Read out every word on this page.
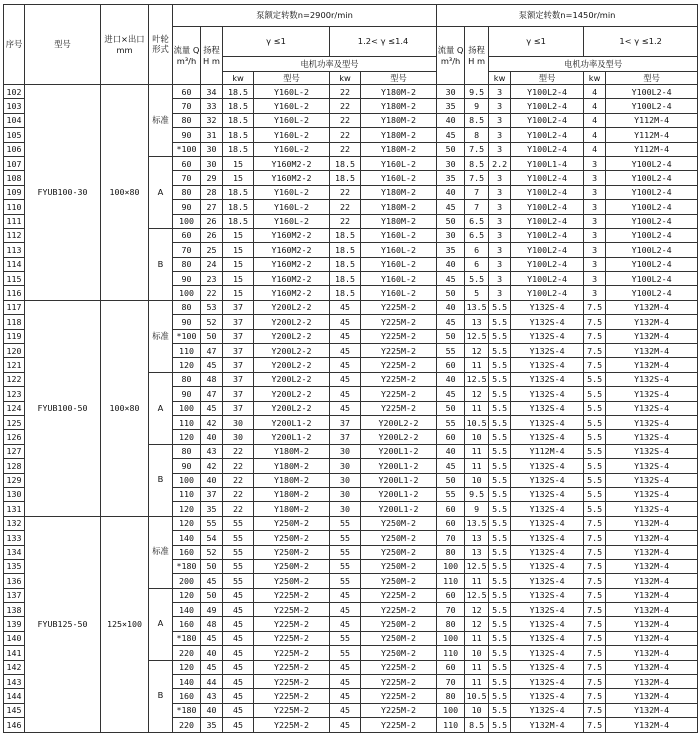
序号	型号	进口×出口 mm	叶轮形式	泵额定转数n=2900r/min						泵额定转数n=1450r/min					
				流量 Q m³/h	扬程 H m	γ ≤1		1.2< γ ≤1.4		流量 Q m³/h	扬程 H m	γ ≤1		1< γ ≤1.2	
						电机功率及型号						电机功率及型号			
						kw	型号	kw	型号			kw	型号	kw	型号
102	FYUB100-30	100×80	标准	60	34	18.5	Y160L-2	22	Y180M-2	30	9.5	3	Y100L2-4	4	Y100L2-4
103				70	33	18.5	Y160L-2	22	Y180M-2	35	9	3	Y100L2-4	4	Y100L2-4
104				80	32	18.5	Y160L-2	22	Y180M-2	40	8.5	3	Y100L2-4	4	Y112M-4
105				90	31	18.5	Y160L-2	22	Y180M-2	45	8	3	Y100L2-4	4	Y112M-4
106				*100	30	18.5	Y160L-2	22	Y180M-2	50	7.5	3	Y100L2-4	4	Y112M-4
107			A	60	30	15	Y160M2-2	18.5	Y160L-2	30	8.5	2.2	Y100L1-4	3	Y100L2-4
108				70	29	15	Y160M2-2	18.5	Y160L-2	35	7.5	3	Y100L2-4	3	Y100L2-4
109				80	28	18.5	Y160L-2	22	Y180M-2	40	7	3	Y100L2-4	3	Y100L2-4
110				90	27	18.5	Y160L-2	22	Y180M-2	45	7	3	Y100L2-4	3	Y100L2-4
111				100	26	18.5	Y160L-2	22	Y180M-2	50	6.5	3	Y100L2-4	3	Y100L2-4
112			B	60	26	15	Y160M2-2	18.5	Y160L-2	30	6.5	3	Y100L2-4	3	Y100L2-4
113				70	25	15	Y160M2-2	18.5	Y160L-2	35	6	3	Y100L2-4	3	Y100L2-4
114				80	24	15	Y160M2-2	18.5	Y160L-2	40	6	3	Y100L2-4	3	Y100L2-4
115				90	23	15	Y160M2-2	18.5	Y160L-2	45	5.5	3	Y100L2-4	3	Y100L2-4
116				100	22	15	Y160M2-2	18.5	Y160L-2	50	5	3	Y100L2-4	3	Y100L2-4
117	FYUB100-50	100×80	标准	80	53	37	Y200L2-2	45	Y225M-2	40	13.5	5.5	Y132S-4	7.5	Y132M-4
118				90	52	37	Y200L2-2	45	Y225M-2	45	13	5.5	Y132S-4	7.5	Y132M-4
119				*100	50	37	Y200L2-2	45	Y225M-2	50	12.5	5.5	Y132S-4	7.5	Y132M-4
120				110	47	37	Y200L2-2	45	Y225M-2	55	12	5.5	Y132S-4	7.5	Y132M-4
121				120	45	37	Y200L2-2	45	Y225M-2	60	11	5.5	Y132S-4	7.5	Y132M-4
122			A	80	48	37	Y200L2-2	45	Y225M-2	40	12.5	5.5	Y132S-4	5.5	Y132S-4
123				90	47	37	Y200L2-2	45	Y225M-2	45	12	5.5	Y132S-4	5.5	Y132S-4
124				100	45	37	Y200L2-2	45	Y225M-2	50	11	5.5	Y132S-4	5.5	Y132S-4
125				110	42	30	Y200L1-2	37	Y200L2-2	55	10.5	5.5	Y132S-4	5.5	Y132S-4
126				120	40	30	Y200L1-2	37	Y200L2-2	60	10	5.5	Y132S-4	5.5	Y132S-4
127			B	80	43	22	Y180M-2	30	Y200L1-2	40	11	5.5	Y112M-4	5.5	Y132S-4
128				90	42	22	Y180M-2	30	Y200L1-2	45	11	5.5	Y132S-4	5.5	Y132S-4
129				100	40	22	Y180M-2	30	Y200L1-2	50	10	5.5	Y132S-4	5.5	Y132S-4
130				110	37	22	Y180M-2	30	Y200L1-2	55	9.5	5.5	Y132S-4	5.5	Y132S-4
131				120	35	22	Y180M-2	30	Y200L1-2	60	9	5.5	Y132S-4	5.5	Y132S-4
132	FYUB125-50	125×100	标准	120	55	55	Y250M-2	55	Y250M-2	60	13.5	5.5	Y132S-4	7.5	Y132M-4
133				140	54	55	Y250M-2	55	Y250M-2	70	13	5.5	Y132S-4	7.5	Y132M-4
134				160	52	55	Y250M-2	55	Y250M-2	80	13	5.5	Y132S-4	7.5	Y132M-4
135				*180	50	55	Y250M-2	55	Y250M-2	100	12.5	5.5	Y132S-4	7.5	Y132M-4
136				200	45	55	Y250M-2	55	Y250M-2	110	11	5.5	Y132S-4	7.5	Y132M-4
137			A	120	50	45	Y225M-2	45	Y225M-2	60	12.5	5.5	Y132S-4	7.5	Y132M-4
138				140	49	45	Y225M-2	45	Y225M-2	70	12	5.5	Y132S-4	7.5	Y132M-4
139				160	48	45	Y225M-2	45	Y250M-2	80	12	5.5	Y132S-4	7.5	Y132M-4
140				*180	45	45	Y225M-2	55	Y250M-2	100	11	5.5	Y132S-4	7.5	Y132M-4
141				220	40	45	Y225M-2	55	Y250M-2	110	10	5.5	Y132S-4	7.5	Y132M-4
142			B	120	45	45	Y225M-2	45	Y225M-2	60	11	5.5	Y132S-4	7.5	Y132M-4
143				140	44	45	Y225M-2	45	Y225M-2	70	11	5.5	Y132S-4	7.5	Y132M-4
144				160	43	45	Y225M-2	45	Y225M-2	80	10.5	5.5	Y132S-4	7.5	Y132M-4
145				*180	40	45	Y225M-2	45	Y225M-2	100	10	5.5	Y132S-4	7.5	Y132M-4
146				220	35	45	Y225M-2	45	Y225M-2	110	8.5	5.5	Y132M-4	7.5	Y132M-4
